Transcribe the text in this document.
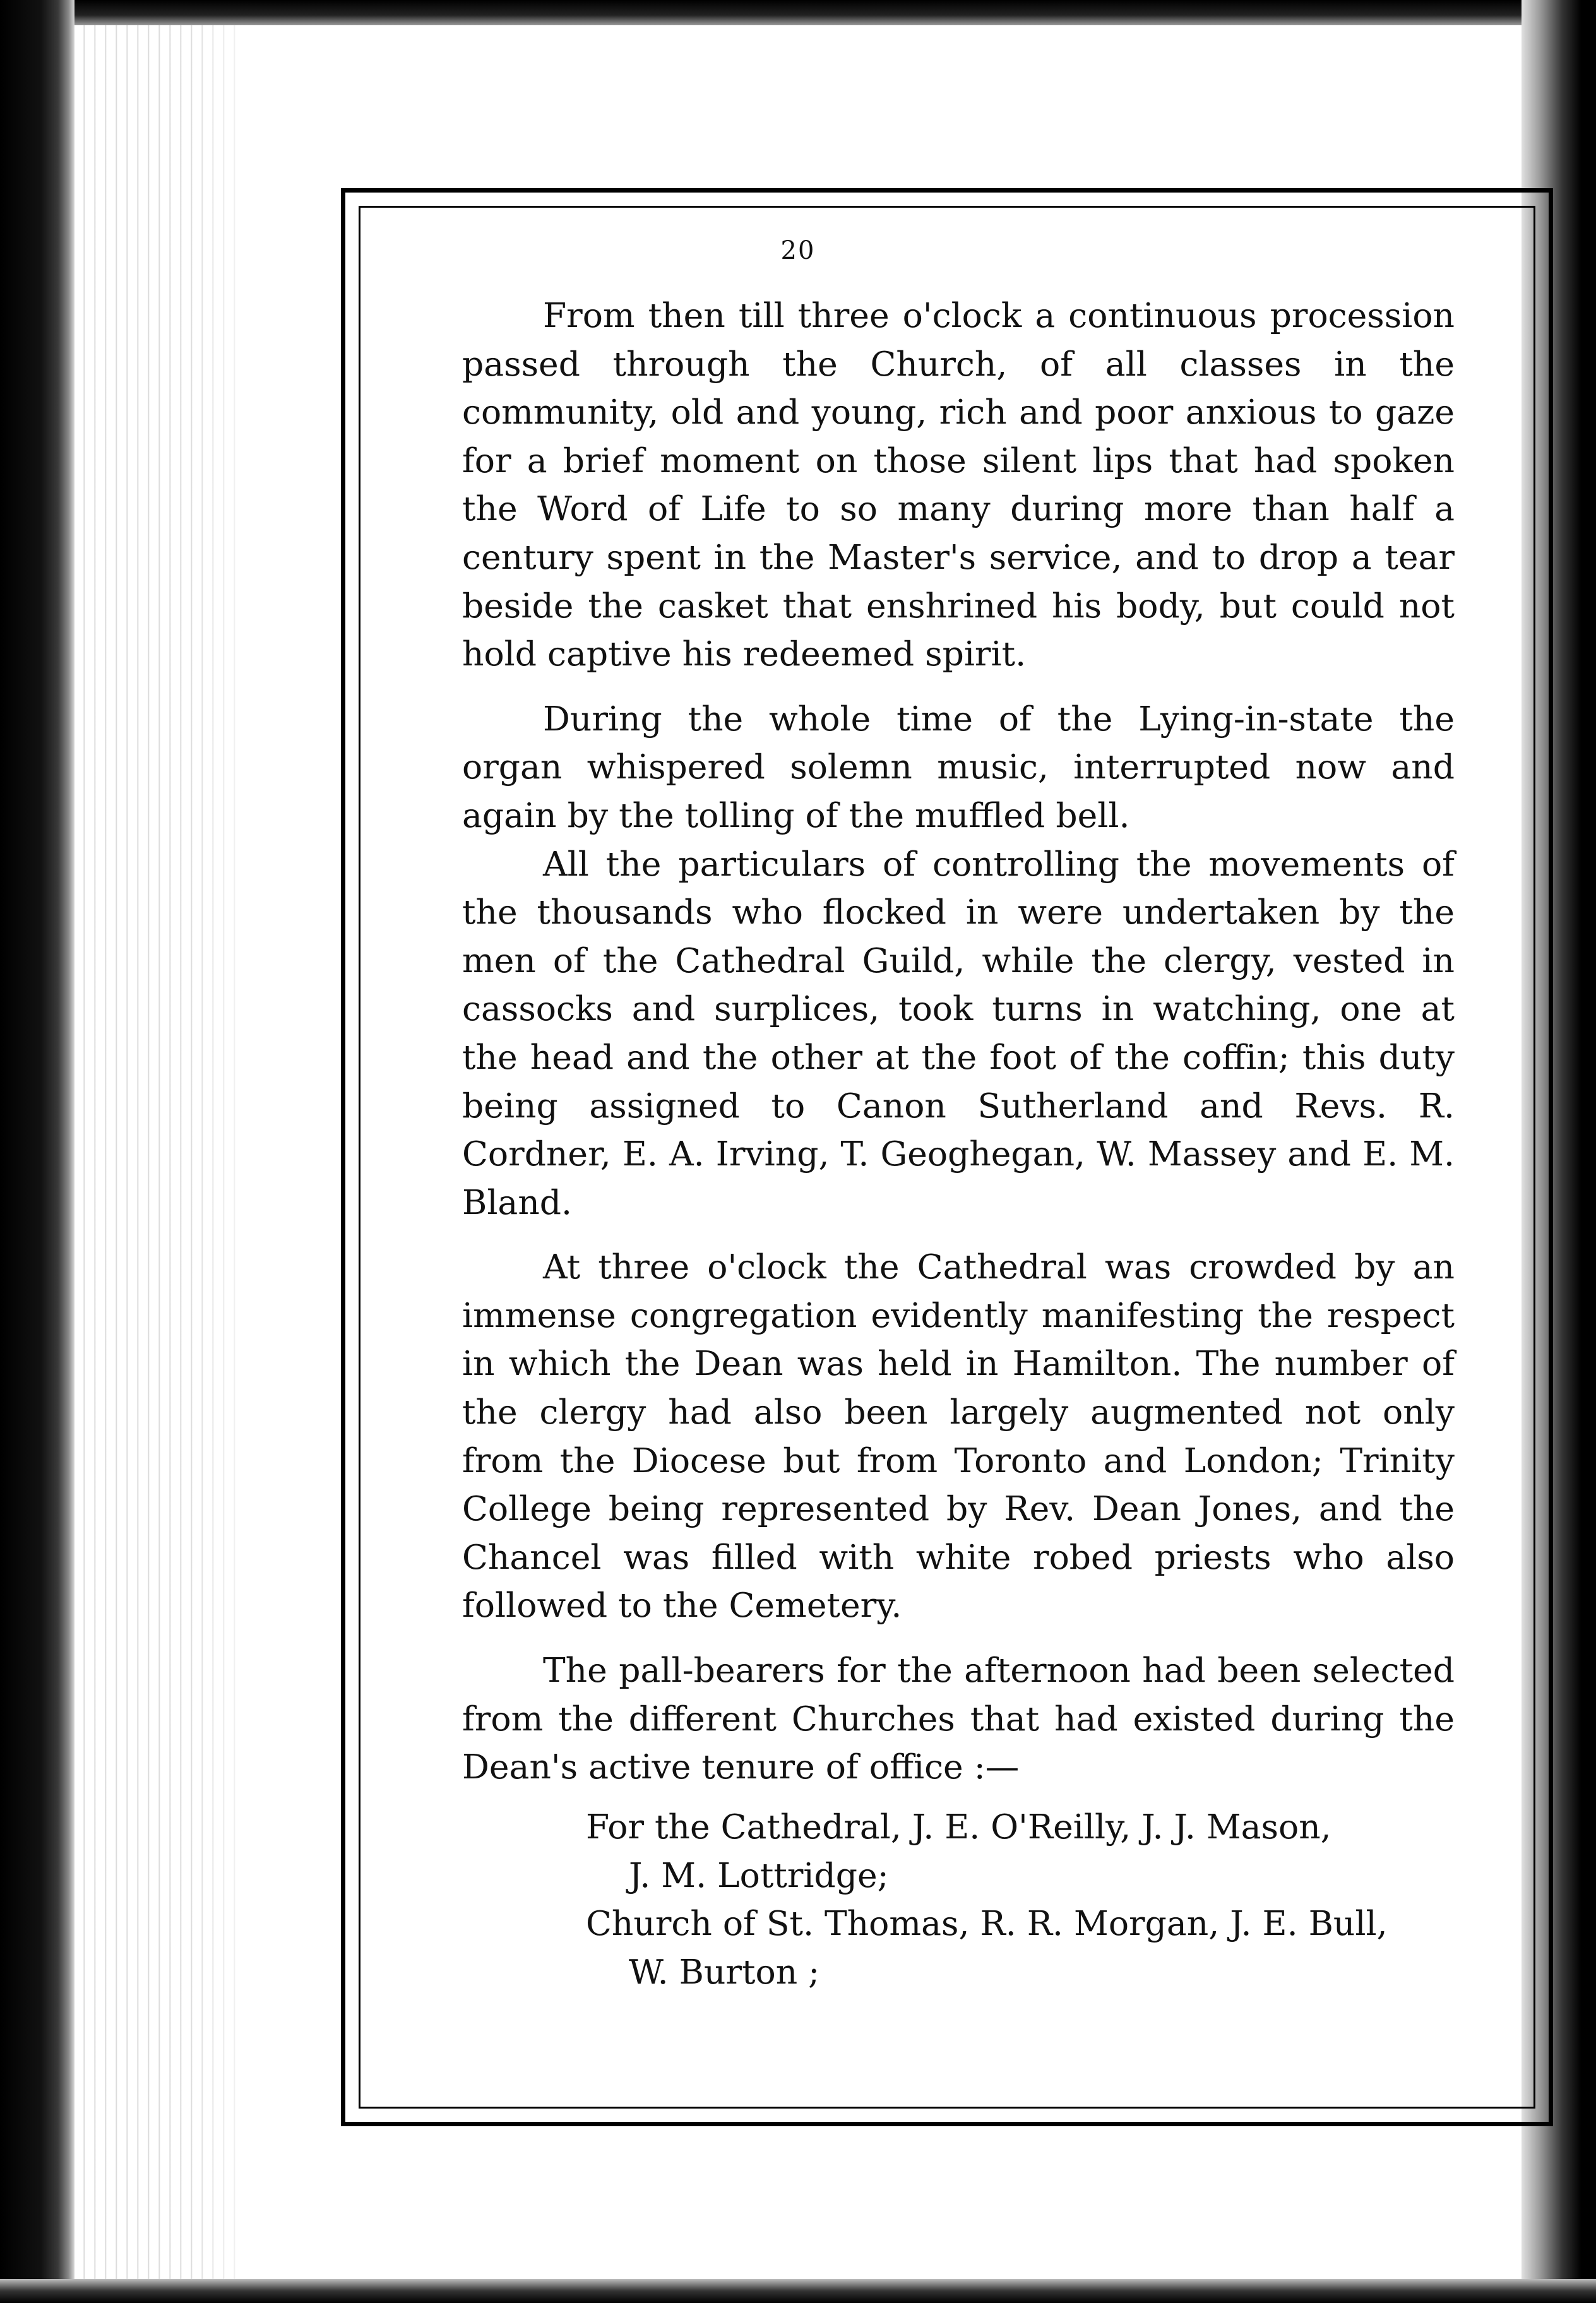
20

From then till three o'clock a continuous procession passed through the Church, of all classes in the community, old and young, rich and poor anxious to gaze for a brief moment on those silent lips that had spoken the Word of Life to so many during more than half a century spent in the Master's service, and to drop a tear beside the casket that enshrined his body, but could not hold captive his redeemed spirit.

During the whole time of the Lying-in-state the organ whispered solemn music, interrupted now and again by the tolling of the muffled bell.

All the particulars of controlling the movements of the thousands who flocked in were undertaken by the men of the Cathedral Guild, while the clergy, vested in cassocks and surplices, took turns in watching, one at the head and the other at the foot of the coffin; this duty being assigned to Canon Sutherland and Revs. R. Cordner, E. A. Irving, T. Geoghegan, W. Massey and E. M. Bland.

At three o'clock the Cathedral was crowded by an immense congregation evidently manifesting the respect in which the Dean was held in Hamilton. The number of the clergy had also been largely augmented not only from the Diocese but from Toronto and London; Trinity College being represented by Rev. Dean Jones, and the Chancel was filled with white robed priests who also followed to the Cemetery.

The pall-bearers for the afternoon had been selected from the different Churches that had existed during the Dean's active tenure of office :—

For the Cathedral, J. E. O'Reilly, J. J. Mason,
J. M. Lottridge;
Church of St. Thomas, R. R. Morgan, J. E. Bull,
W. Burton ;
